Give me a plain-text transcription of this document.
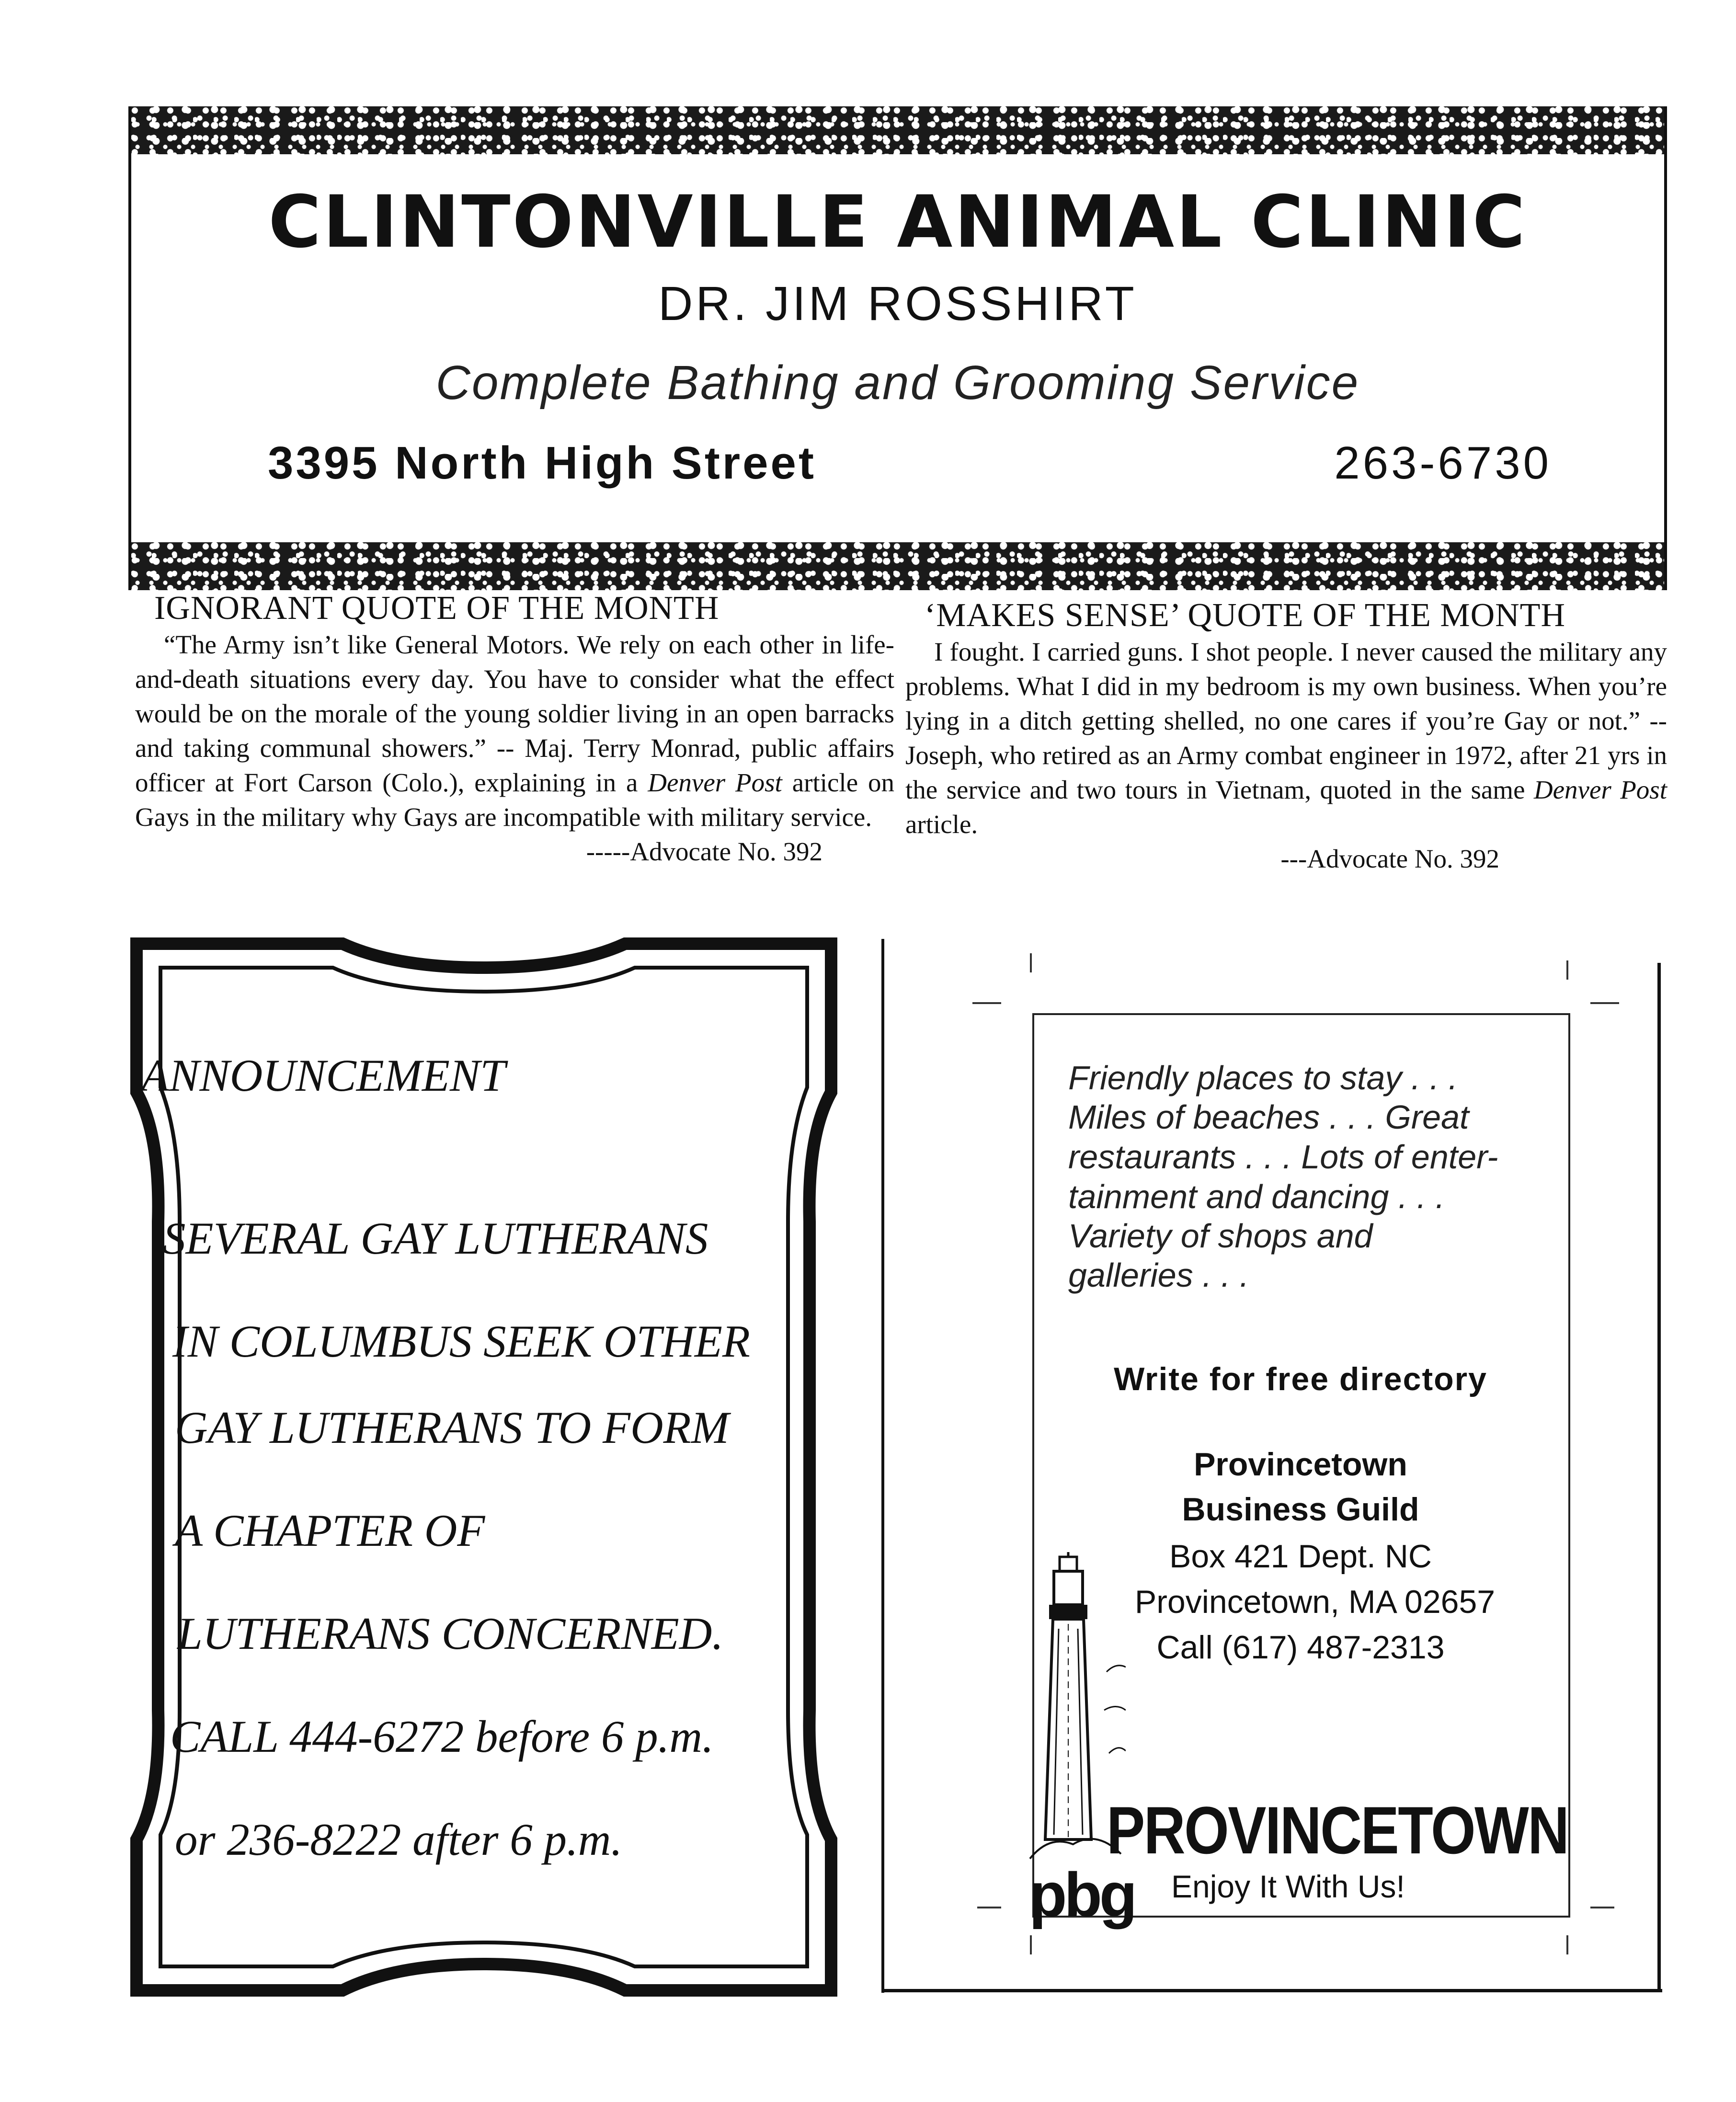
CLINTONVILLE ANIMAL CLINIC
DR. JIM ROSSHIRT
Complete Bathing and Grooming Service
3395 North High Street	263-6730
IGNORANT QUOTE OF THE MONTH

“The Army isn’t like General Motors. We rely on each other in life-and-death situations every day. You have to consider what the effect would be on the morale of the young soldier living in an open barracks and taking communal showers.” -- Maj. Terry Monrad, public affairs officer at Fort Carson (Colo.), explaining in a Denver Post article on Gays in the military why Gays are incompatible with military service.

-----Advocate No. 392
‘MAKES SENSE’ QUOTE OF THE MONTH

I fought. I carried guns. I shot people. I never caused the military any problems. What I did in my bedroom is my own business. When you’re lying in a ditch getting shelled, no one cares if you’re Gay or not.” --Joseph, who retired as an Army combat engineer in 1972, after 21 yrs in the service and two tours in Vietnam, quoted in the same Denver Post article.

---Advocate No. 392
ANNOUNCEMENT
SEVERAL GAY LUTHERANS
IN COLUMBUS SEEK OTHER
GAY LUTHERANS TO FORM
A CHAPTER OF
LUTHERANS CONCERNED.
CALL 444-6272 before 6 p.m.
or 236-8222 after 6 p.m.
Friendly places to stay . . .
Miles of beaches . . . Great
restaurants . . . Lots of enter-
tainment and dancing . . .
Variety of shops and
galleries . . .
Write for free directory
Provincetown
Business Guild
Box 421 Dept. NC
Provincetown, MA 02657
Call (617) 487-2313
PROVINCETOWN
Enjoy It With Us!
pbg
